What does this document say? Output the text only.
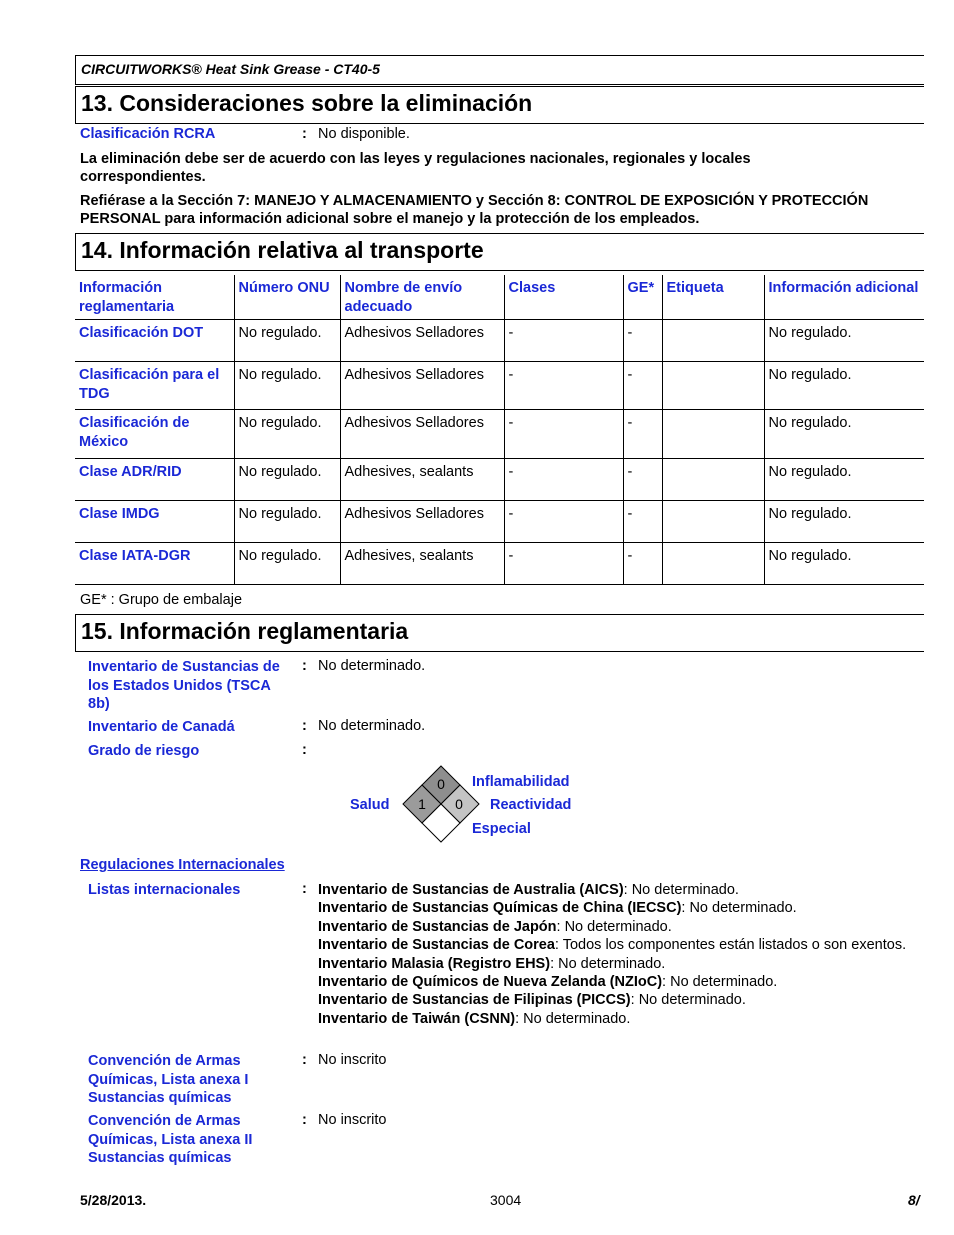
CIRCUITWORKS® Heat Sink Grease - CT40-5
13. Consideraciones sobre la eliminación
Clasificación RCRA	: No disponible.
La eliminación debe ser de acuerdo con las leyes y regulaciones nacionales, regionales y locales correspondientes.
Refiérase a la Sección 7: MANEJO Y ALMACENAMIENTO y Sección 8: CONTROL DE EXPOSICIÓN Y PROTECCIÓN PERSONAL para información adicional sobre el manejo y la protección de los empleados.
14. Información relativa al transporte
Información reglamentaria	Número ONU	Nombre de envío adecuado	Clases	GE*	Etiqueta	Información adicional
Clasificación DOT	No regulado.	Adhesivos Selladores	-	-		No regulado.
Clasificación para el TDG	No regulado.	Adhesivos Selladores	-	-		No regulado.
Clasificación de México	No regulado.	Adhesivos Selladores	-	-		No regulado.
Clase ADR/RID	No regulado.	Adhesives, sealants	-	-		No regulado.
Clase IMDG	No regulado.	Adhesivos Selladores	-	-		No regulado.
Clase IATA-DGR	No regulado.	Adhesives, sealants	-	-		No regulado.
GE* : Grupo de embalaje
15. Información reglamentaria
Inventario de Sustancias de los Estados Unidos (TSCA 8b)
: No determinado.
Inventario de Canadá	: No determinado.
Grado de riesgo	:
Salud
Inflamabilidad
Reactividad
Especial
0
1 0
Regulaciones Internacionales
Listas internacionales	: Inventario de Sustancias de Australia (AICS): No determinado.
Inventario de Sustancias Químicas de China (IECSC): No determinado.
Inventario de Sustancias de Japón: No determinado.
Inventario de Sustancias de Corea: Todos los componentes están listados o son exentos.
Inventario Malasia (Registro EHS): No determinado.
Inventario de Químicos de Nueva Zelanda (NZIoC): No determinado.
Inventario de Sustancias de Filipinas (PICCS): No determinado.
Inventario de Taiwán (CSNN): No determinado.
Convención de Armas Químicas, Lista anexa I Sustancias químicas
: No inscrito
Convención de Armas Químicas, Lista anexa II Sustancias químicas
: No inscrito
5/28/2013.	3004	8/
